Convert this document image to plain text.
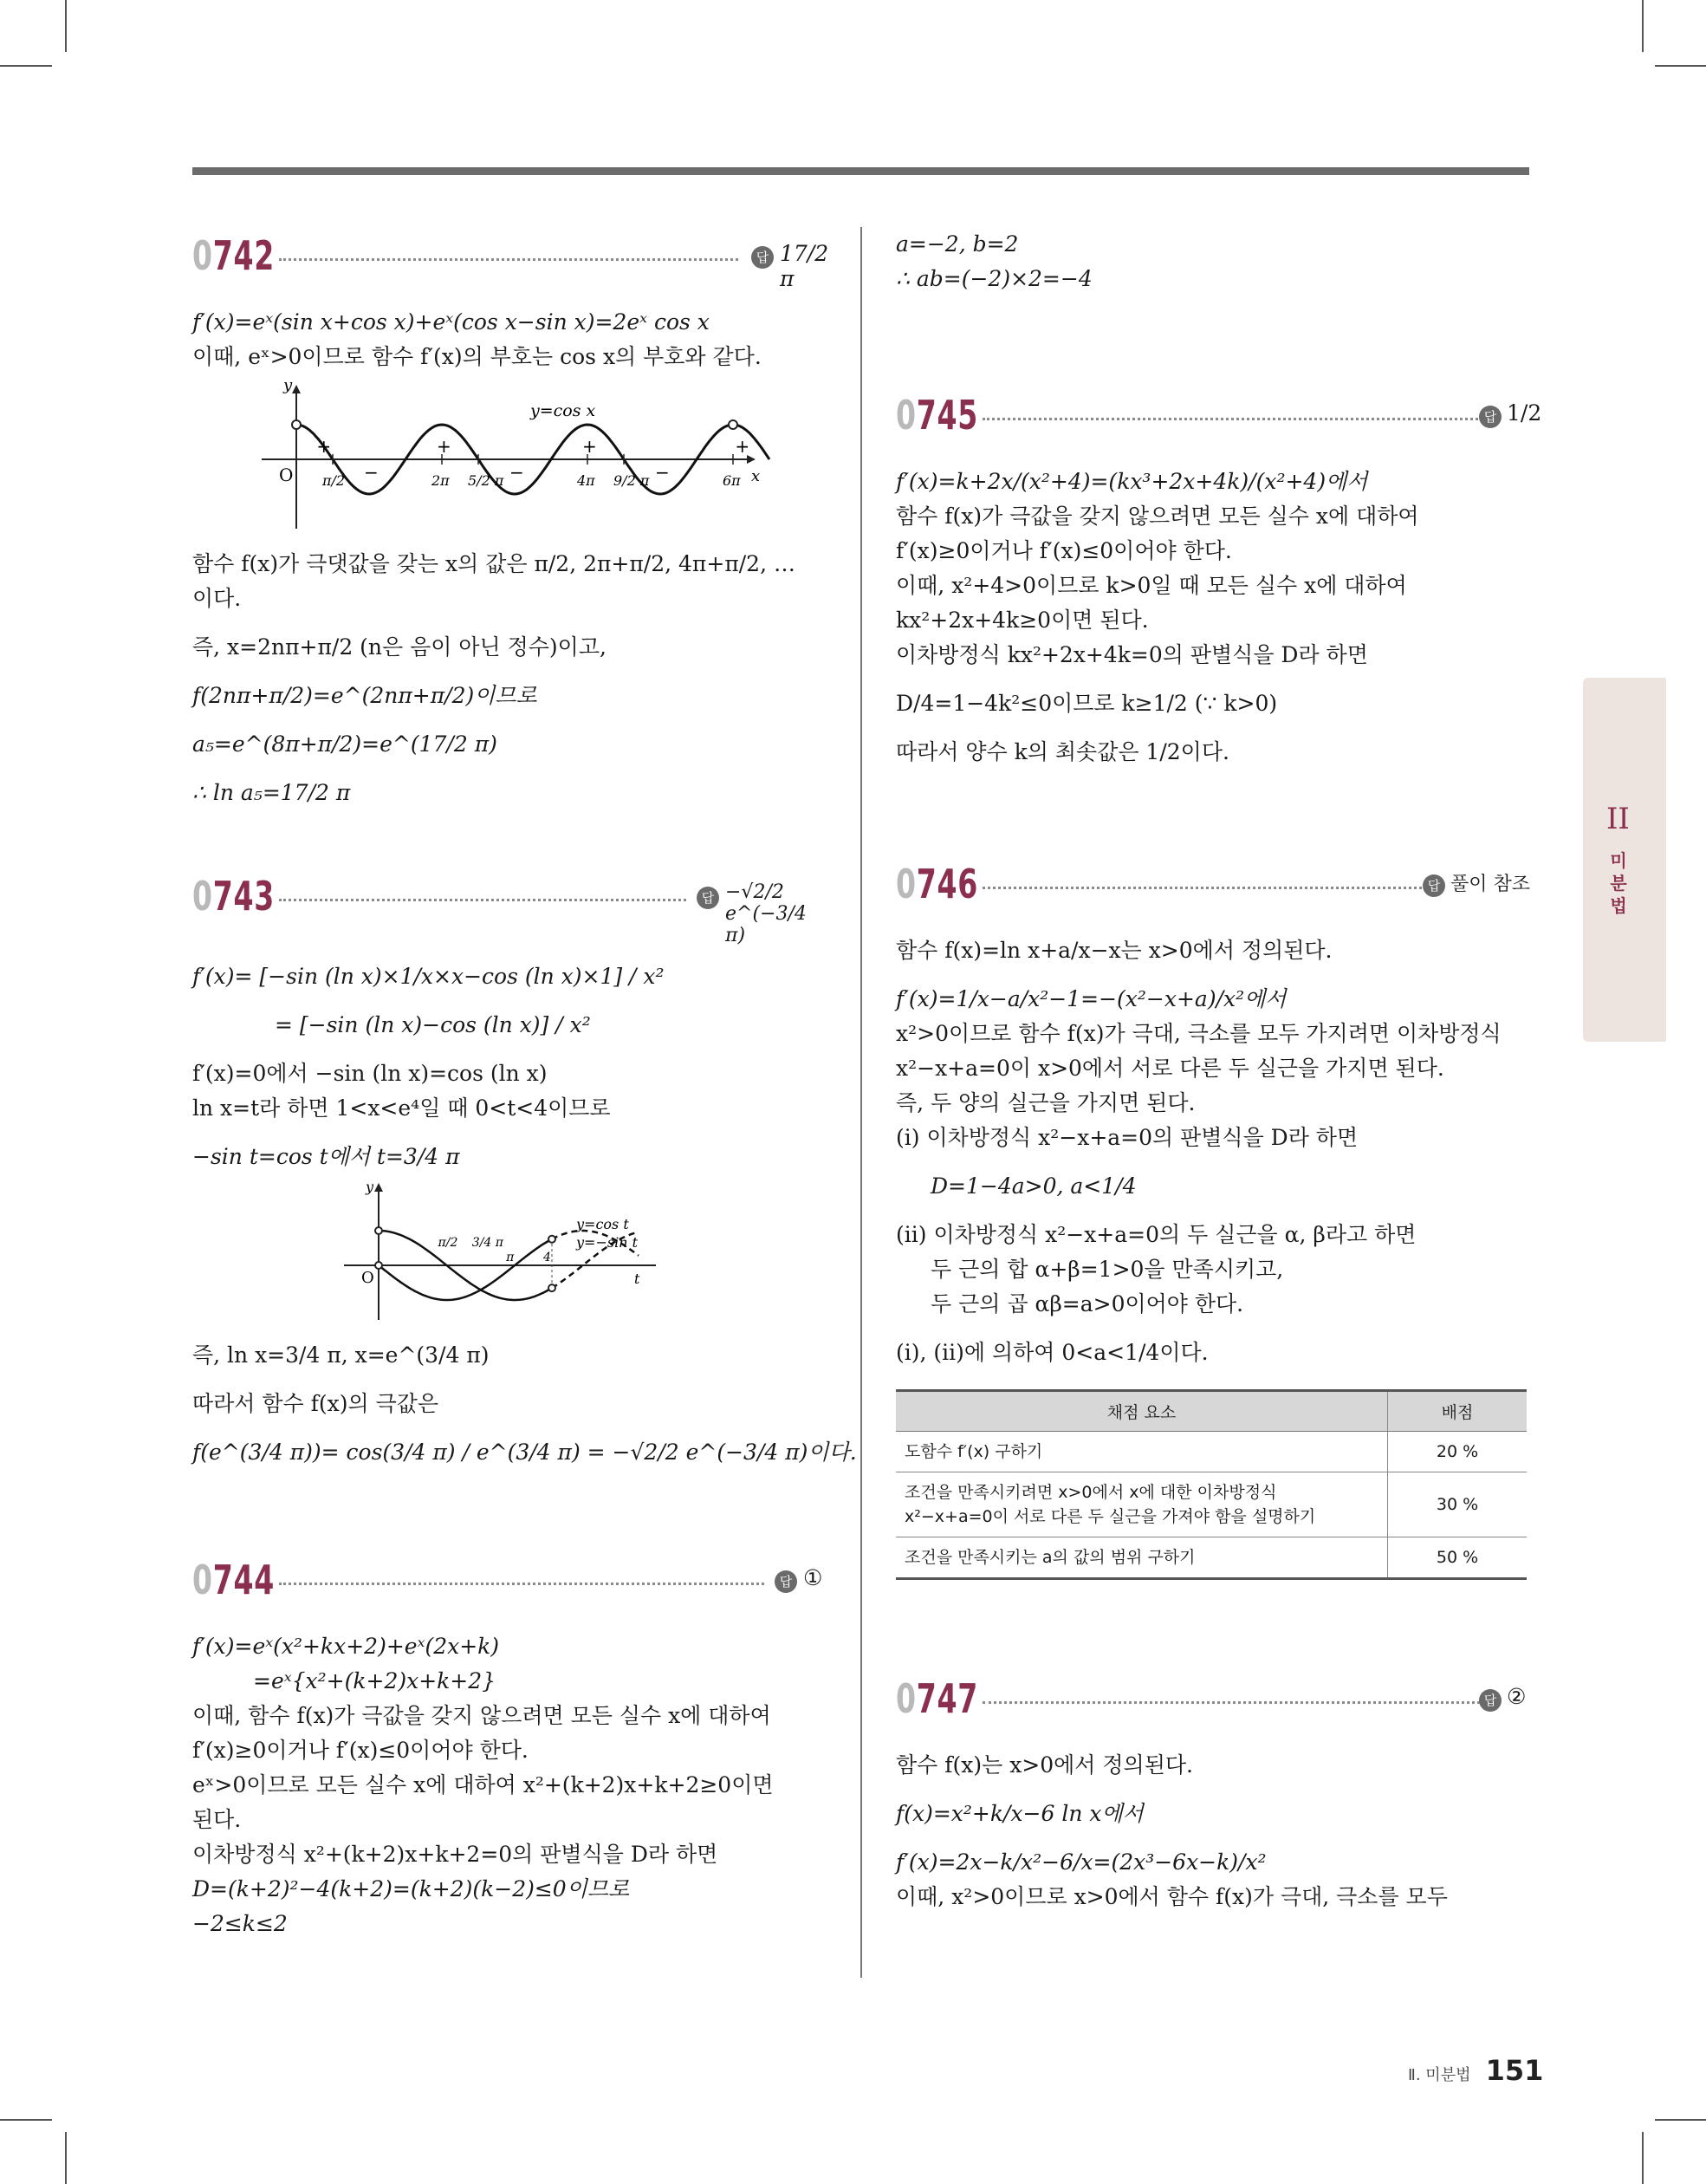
II
미분법
0742	답 17/2 π

f′(x)=eˣ(sin x+cos x)+eˣ(cos x−sin x)=2eˣ cos x

이때, eˣ>0이므로 함수 f′(x)의 부호는 cos x의 부호와 같다.

y
x
O
y=cos x
π/2	2π 5/2 π	4π 9/2 π	6π
+
−
+
−
+
−
+

함수 f(x)가 극댓값을 갖는 x의 값은 π/2, 2π+π/2, 4π+π/2, …

이다.

즉, x=2nπ+π/2 (n은 음이 아닌 정수)이고,

f(2nπ+π/2)=e^(2nπ+π/2)이므로

a₅=e^(8π+π/2)=e^(17/2 π)

∴ ln a₅=17/2 π

0743	답 −√2/2 e^(−3/4 π)

f′(x)= [−sin (ln x)×1/x×x−cos (ln x)×1] / x²

= [−sin (ln x)−cos (ln x)] / x²

f′(x)=0에서 −sin (ln x)=cos (ln x)

ln x=t라 하면 1<x<e⁴일 때 0<t<4이므로

−sin t=cos t에서 t=3/4 π

y
t
O
y=cos t
y=−sin t
π/2 3/4 π
π 4

즉, ln x=3/4 π, x=e^(3/4 π)

따라서 함수 f(x)의 극값은

f(e^(3/4 π))= cos(3/4 π) / e^(3/4 π) = −√2/2 e^(−3/4 π)이다.

0744	답 ①

f′(x)=eˣ(x²+kx+2)+eˣ(2x+k)

=eˣ{x²+(k+2)x+k+2}

이때, 함수 f(x)가 극값을 갖지 않으려면 모든 실수 x에 대하여

f′(x)≥0이거나 f′(x)≤0이어야 한다.

eˣ>0이므로 모든 실수 x에 대하여 x²+(k+2)x+k+2≥0이면

된다.

이차방정식 x²+(k+2)x+k+2=0의 판별식을 D라 하면

D=(k+2)²−4(k+2)=(k+2)(k−2)≤0이므로

−2≤k≤2

a=−2, b=2

∴ ab=(−2)×2=−4

0745	답 1/2

f′(x)=k+2x/(x²+4)=(kx³+2x+4k)/(x²+4)에서

함수 f(x)가 극값을 갖지 않으려면 모든 실수 x에 대하여

f′(x)≥0이거나 f′(x)≤0이어야 한다.

이때, x²+4>0이므로 k>0일 때 모든 실수 x에 대하여

kx²+2x+4k≥0이면 된다.

이차방정식 kx²+2x+4k=0의 판별식을 D라 하면

D/4=1−4k²≤0이므로 k≥1/2 (∵ k>0)

따라서 양수 k의 최솟값은 1/2이다.

0746	답 풀이 참조

함수 f(x)=ln x+a/x−x는 x>0에서 정의된다.

f′(x)=1/x−a/x²−1=−(x²−x+a)/x²에서

x²>0이므로 함수 f(x)가 극대, 극소를 모두 가지려면 이차방정식

x²−x+a=0이 x>0에서 서로 다른 두 실근을 가지면 된다.

즉, 두 양의 실근을 가지면 된다.

(i) 이차방정식 x²−x+a=0의 판별식을 D라 하면

D=1−4a>0, a<1/4

(ii) 이차방정식 x²−x+a=0의 두 실근을 α, β라고 하면

두 근의 합 α+β=1>0을 만족시키고,

두 근의 곱 αβ=a>0이어야 한다.

(i), (ii)에 의하여 0<a<1/4이다.

채점 요소	배점
도함수 f′(x) 구하기	20 %

조건을 만족시키려면 x>0에서 x에 대한 이차방정식
x²−x+a=0이 서로 다른 두 실근을 가져야 함을 설명하기	30 %
조건을 만족시키는 a의 값의 범위 구하기	50 %
0747	답 ②

함수 f(x)는 x>0에서 정의된다.

f(x)=x²+k/x−6 ln x에서

f′(x)=2x−k/x²−6/x=(2x³−6x−k)/x²

이때, x²>0이므로 x>0에서 함수 f(x)가 극대, 극소를 모두

Ⅱ. 미분법 151
